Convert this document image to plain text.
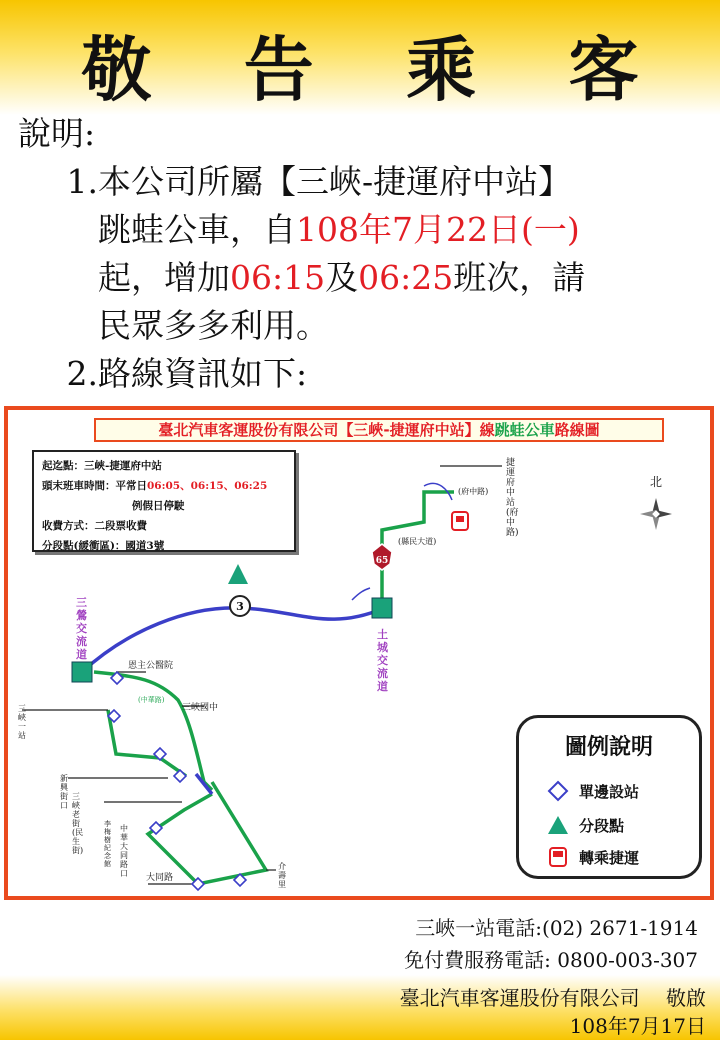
敬 告 乘 客
說明:
1.本公司所屬【三峽-捷運府中站】
跳蛙公車，自108年7月22日(一)
起，增加06:15及06:25班次，請
民眾多多利用。
2.路線資訊如下:
3
65
北
(府中路)
(縣民大道)
(中華路)
恩主公醫院
三峽國中
大同路
三鶯交流道
土城交流道
捷運府中站(府中路)
三峽一站
新興街口
三峽老街(民生街)
中華大同路口
李梅樹紀念館	介壽里
臺北汽車客運股份有限公司【三峽-捷運府中站】線跳蛙公車路線圖
起迄點：三峽-捷運府中站
頭末班車時間：平常日06:05、06:15、06:25
例假日停駛
收費方式：二段票收費
分段點(緩衝區)：國道3號
圖例說明
單邊設站
分段點
轉乘捷運
三峽一站電話:(02) 2671-1914
免付費服務電話: 0800-003-307
臺北汽車客運股份有限公司　 敬啟
108年7月17日
